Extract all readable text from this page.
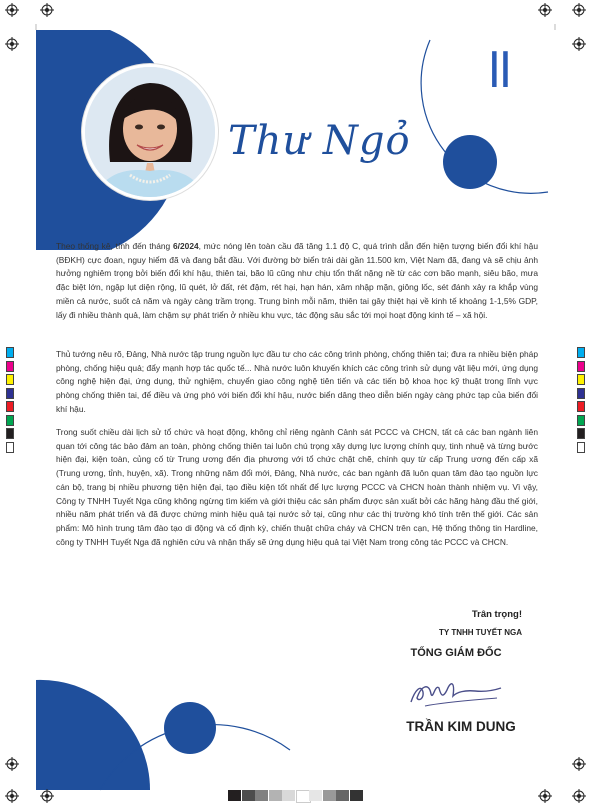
Thư Ngỏ
II
Theo thống kê, tính đến tháng 6/2024, mức nóng lên toàn cầu đã tăng 1.1 độ C, quá trình dẫn đến hiện tượng biến đổi khí hậu (BĐKH) cực đoan, nguy hiểm đã và đang bắt đầu. Với đường bờ biển trải dài gần 11.500 km, Việt Nam đã, đang và sẽ chịu ảnh hưởng nghiêm trọng bởi biến đổi khí hậu, thiên tai, bão lũ cũng như chịu tổn thất nặng nề từ các cơn bão mạnh, siêu bão, mưa đặc biệt lớn, ngập lụt diện rộng, lũ quét, lở đất, rét đậm, rét hại, hạn hán, xâm nhập mặn, giông lốc, sét đánh xảy ra khắp vùng miền cả nước, suốt cả năm và ngày càng trầm trọng. Trung bình mỗi năm, thiên tai gây thiệt hại về kinh tế khoảng 1-1,5% GDP, lấy đi nhiều thành quả, làm chậm sự phát triển ở nhiều khu vực, tác động sâu sắc tới mọi hoạt động kinh tế – xã hội.
Thủ tướng nêu rõ, Đảng, Nhà nước tập trung nguồn lực đầu tư cho các công trình phòng, chống thiên tai; đưa ra nhiều biện pháp phòng, chống hiệu quả; đẩy mạnh hợp tác quốc tế... Nhà nước luôn khuyến khích các công trình sử dụng vật liệu mới, ứng dụng công nghệ hiện đại, ứng dụng, thử nghiệm, chuyển giao công nghệ tiên tiến và các tiến bộ khoa học kỹ thuật trong lĩnh vực phòng chống thiên tai, để điều và ứng phó với biến đổi khí hậu, nước biển dâng theo diễn biến ngày càng phức tạp của biến đổi khí hậu.
Trong suốt chiều dài lịch sử tổ chức và hoạt động, không chỉ riêng ngành Cảnh sát PCCC và CHCN, tất cả các ban ngành liên quan tới công tác bảo đảm an toàn, phòng chống thiên tai luôn chú trọng xây dựng lực lượng chính quy, tinh nhuệ và từng bước hiện đại, kiện toàn, củng cố từ Trung ương đến địa phương với tổ chức chặt chẽ, chính quy từ cấp Trung ương đến cấp xã (Trung ương, tỉnh, huyện, xã). Trong những năm đổi mới, Đảng, Nhà nước, các ban ngành đã luôn quan tâm đào tạo nguồn lực cán bộ, trang bị nhiều phương tiện hiện đại, tạo điều kiện tốt nhất để lực lượng PCCC và CHCN hoàn thành nhiệm vụ. Vì vậy, Công ty TNHH Tuyết Nga cũng không ngừng tìm kiếm và giới thiệu các sản phẩm được sản xuất bởi các hãng hàng đầu thế giới, nhiều năm phát triển và đã được chứng minh hiệu quả tại nước sở tại, cũng như các thị trường khó tính trên thế giới. Các sản phẩm: Mô hình trung tâm đào tạo di động và cố định kỳ, chiến thuật chữa cháy và CHCN trên cạn, Hệ thống thông tin Hardline, công ty TNHH Tuyết Nga đã nghiên cứu và nhận thấy sẽ ứng dụng hiệu quả tại Việt Nam trong công tác PCCC và CHCN.
Trân trọng!
TY TNHH TUYẾT NGA
TỔNG GIÁM ĐỐC
TRẦN KIM DUNG
